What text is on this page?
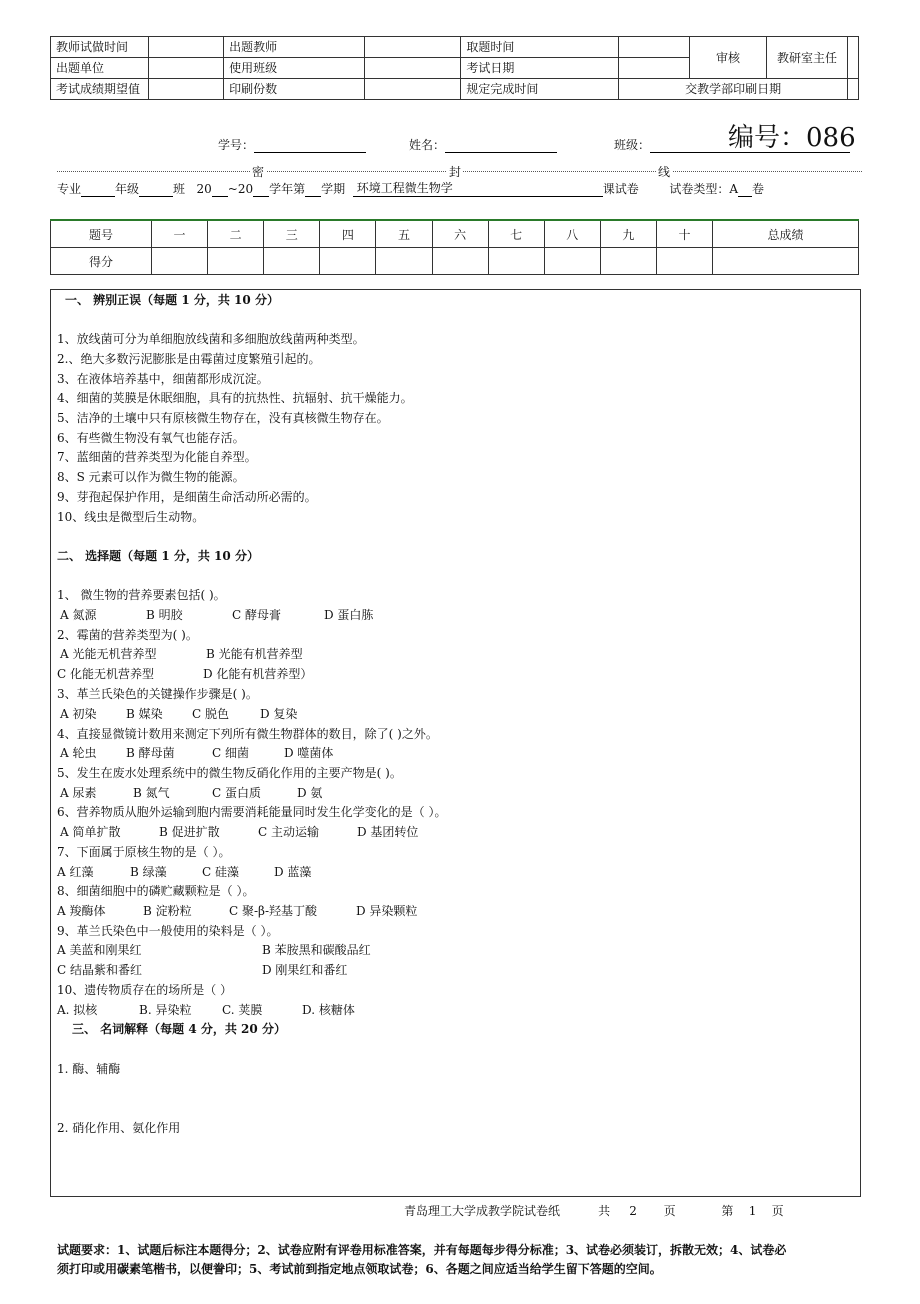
教师试做时间		出题教师		取题时间		审核	教研室主任	
出题单位		使用班级		考试日期				
考试成绩期望值		印刷份数		规定完成时间	交教学部印刷日期			
学号：	姓名：	班级：	编号：086
密	封	线
专业	年级	班 20 ~20 学年第 学期 环境工程微生物学	课试卷	试卷类型：A 卷
题号	一	二	三	四	五	六	七	八	九	十	总成绩
得分											
一、 辨别正误（每题 1 分，共 10 分）
1、放线菌可分为单细胞放线菌和多细胞放线菌两种类型。
2.、绝大多数污泥膨胀是由霉菌过度繁殖引起的。
3、在液体培养基中，细菌都形成沉淀。
4、细菌的荚膜是休眠细胞，具有的抗热性、抗辐射、抗干燥能力。
5、洁净的土壤中只有原核微生物存在，没有真核微生物存在。
6、有些微生物没有氧气也能存活。
7、蓝细菌的营养类型为化能自养型。
8、S 元素可以作为微生物的能源。
9、芽孢起保护作用，是细菌生命活动所必需的。
10、线虫是微型后生动物。
二、 选择题（每题 1 分，共 10 分）
1、 微生物的营养要素包括( )。
A 氮源	B 明胶	C 酵母膏	D 蛋白胨
2、霉菌的营养类型为( )。
A 光能无机营养型	B 光能有机营养型
C 化能无机营养型	D 化能有机营养型）
3、革兰氏染色的关键操作步骤是( )。
A 初染 B 媒染 C 脱色	D 复染
4、直接显微镜计数用来测定下列所有微生物群体的数目，除了( )之外。
A 轮虫 B 酵母菌	C 细菌	D 噬菌体
5、发生在废水处理系统中的微生物反硝化作用的主要产物是( )。
A 尿素	B 氮气	C 蛋白质	D 氨
6、营养物质从胞外运输到胞内需要消耗能量同时发生化学变化的是（ ）。
A 简单扩散	B 促进扩散	C 主动运输	D 基团转位
7、下面属于原核生物的是（ ）。
A 红藻	B 绿藻	C 硅藻	D 蓝藻
8、细菌细胞中的磷贮藏颗粒是（ ）。
A 羧酶体	B 淀粉粒	C 聚-β-羟基丁酸	D 异染颗粒
9、革兰氏染色中一般使用的染料是（ ）。
A 美蓝和刚果红	B 苯胺黑和碳酸品红
C 结晶紫和番红	D 刚果红和番红
10、遗传物质存在的场所是（ ）
A. 拟核	B. 异染粒	C. 荚膜	D. 核糖体
三、 名词解释（每题 4 分，共 20 分）
1. 酶、辅酶
2. 硝化作用、氨化作用
青岛理工大学成教学院试卷纸	共 2 页	第 1 页
试题要求：1、试题后标注本题得分；2、试卷应附有评卷用标准答案，并有每题每步得分标准；3、试卷必须装订，拆散无效；4、试卷必
须打印或用碳素笔楷书，以便誊印；5、考试前到指定地点领取试卷；6、各题之间应适当给学生留下答题的空间。
